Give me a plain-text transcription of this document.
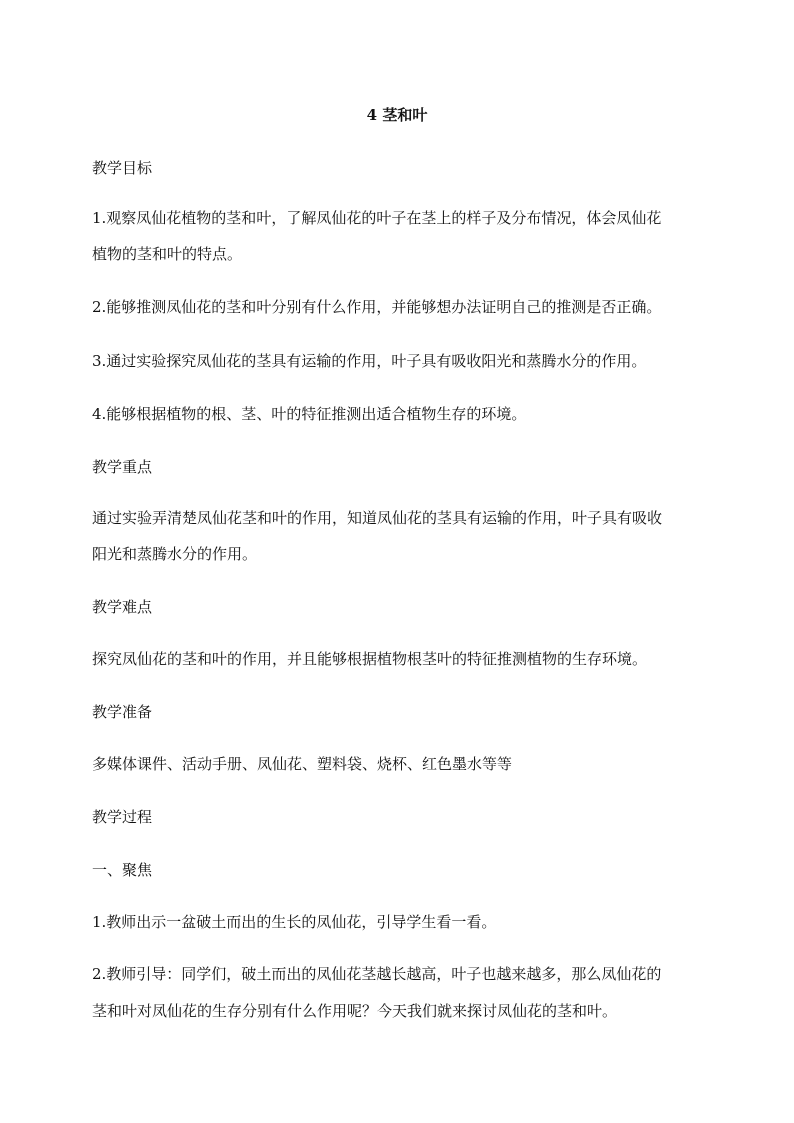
4 茎和叶
教学目标
1.观察凤仙花植物的茎和叶，了解凤仙花的叶子在茎上的样子及分布情况，体会凤仙花
植物的茎和叶的特点。
2.能够推测凤仙花的茎和叶分别有什么作用，并能够想办法证明自己的推测是否正确。
3.通过实验探究凤仙花的茎具有运输的作用，叶子具有吸收阳光和蒸腾水分的作用。
4.能够根据植物的根、茎、叶的特征推测出适合植物生存的环境。
教学重点
通过实验弄清楚凤仙花茎和叶的作用，知道凤仙花的茎具有运输的作用，叶子具有吸收
阳光和蒸腾水分的作用。
教学难点
探究凤仙花的茎和叶的作用，并且能够根据植物根茎叶的特征推测植物的生存环境。
教学准备
多媒体课件、活动手册、凤仙花、塑料袋、烧杯、红色墨水等等
教学过程
一、聚焦
1.教师出示一盆破土而出的生长的凤仙花，引导学生看一看。
2.教师引导：同学们，破土而出的凤仙花茎越长越高，叶子也越来越多，那么凤仙花的
茎和叶对凤仙花的生存分别有什么作用呢？今天我们就来探讨凤仙花的茎和叶。
